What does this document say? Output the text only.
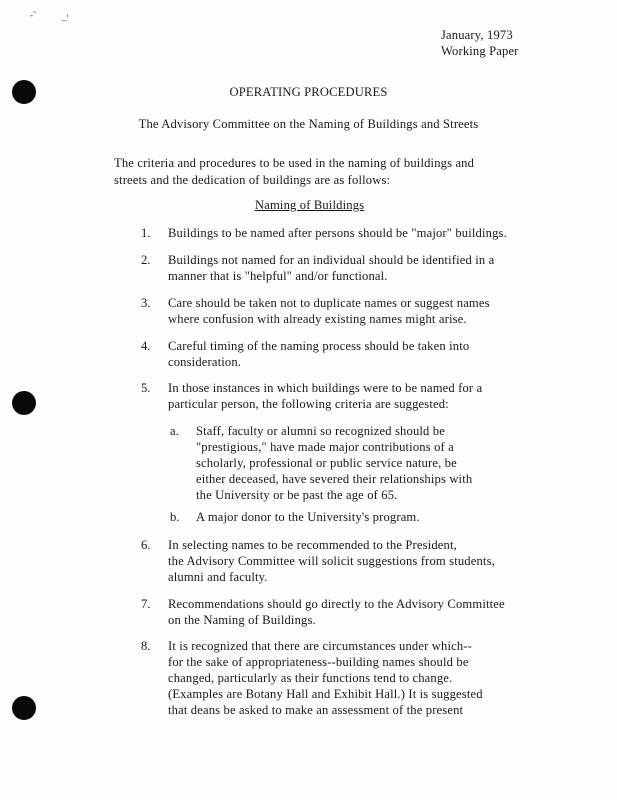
-˜	_ˡ
January, 1973
Working Paper
OPERATING PROCEDURES
The Advisory Committee on the Naming of Buildings and Streets
The criteria and procedures to be used in the naming of buildings and
streets and the dedication of buildings are as follows:
Naming of Buildings
1. Buildings to be named after persons should be "major" buildings.
2. Buildings not named for an individual should be identified in a
manner that is "helpful" and/or functional.
3. Care should be taken not to duplicate names or suggest names
where confusion with already existing names might arise.
4. Careful timing of the naming process should be taken into
consideration.
5. In those instances in which buildings were to be named for a
particular person, the following criteria are suggested:
a. Staff, faculty or alumni so recognized should be
"prestigious," have made major contributions of a
scholarly, professional or public service nature, be
either deceased, have severed their relationships with
the University or be past the age of 65.
b. A major donor to the University's program.
6. In selecting names to be recommended to the President,
the Advisory Committee will solicit suggestions from students,
alumni and faculty.
7. Recommendations should go directly to the Advisory Committee
on the Naming of Buildings.
8. It is recognized that there are circumstances under which--
for the sake of appropriateness--building names should be
changed, particularly as their functions tend to change.
(Examples are Botany Hall and Exhibit Hall.) It is suggested
that deans be asked to make an assessment of the present
